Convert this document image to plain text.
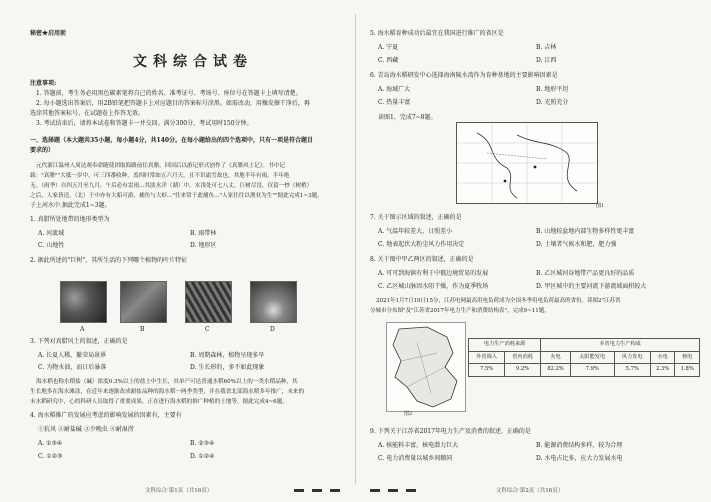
秘密★启用前
文科综合试卷
注意事项:
1. 答题前，考生务必用黑色碳素笔将自己的姓名、准考证号、考场号、座位号在答题卡上填写清楚。
2. 每小题选出答案后，用2B铅笔把答题卡上对应题目的答案标号涂黑。如需改动，用橡皮擦干净后，再
选涂其他答案标号。在试题卷上作答无效。
3. 考试结束后，请将本试卷和答题卡一并交回。满分300分，考试用时150分钟。
一、选择题（本大题共35小题，每小题4分，共140分。在每小题给出的四个选项中，只有一项是符合题目
要求的）
元代浙江温州人周达观奉命随使团取海路前往真腊，回国后以游记形式创作了《真腊风土记》。书中记
载："真腊""大抵一岁中，可三四番收种，盖四时常如五六月天，且不识霜雪故也。其地半年有雨，半年绝
无。（雨季）自四五月至九月，午后必有雷雨...其淡水洋（湖）中，水浅处可七八丈，巨树尽没，仅留一杪（树梢）
之后，人家皆送，（北）于中亦有大船可游，捕鱼与大虾..."往来常于此捕鱼..."人家往往以渔业为生""据此完成1~3题。
子上河水中.据此完成1~3题。
1. 真腊所处地带的地形类型为
A. 河流域	B. 雨带林
C. 山地性	D. 地形区
2. 据此所述的"巨树"，其所生活的下列哪个植物的叶片特征
A	B	C	D
3. 下列对真腊风土的叙述，正确的是
A. 长夏人稀，繁荣局景界	B. 周期森林，植物呈现多旱
C. 为物水油，而日后暴落	D. 生长形的，多不如此现象
海水稻也称水稻盐（碱）浓度0.3%以上的盐土中生长，其单产可达普通水稻60%以上的一类水稻品种，其
生长地多在海水滩涂，在近年来逐渐改成耐盐品种的海水稻一两季类型，并在我省北部海水稻多年推广，未来的
末水稻研究中，心的科研人员取得了重要成果，正在进行海水稻的推广种植的土地等。据此完成4~6题。
4. 海水稻推广的发展应考虑的影响发展的因素有，主要有
①抗风 ②耐盐碱 ③少晚虫 ④耐湿涝
A. ①③④	B. ②③④
C. ①②③	D. ①②④
文科综合·第1页（共16页）
5. 海水稻育种成功后最宜在我国进行推广的省区是
A. 宁夏	B. 吉林
C. 西藏	D. 江西
6. 青岛海水稻研发中心选择海南陵水湾作为育种基地的主要影响因素是
A. 海域广大	B. 地形平坦
C. 热量丰富	D. 光照充分
读图1，完成7~8题。
图1
7. 关于图示区域的叙述，正确的是
A. 气温年较差大，日照差小	B. 山地较盆地内部生物多样性更丰富
C. 地表起伏大粉尘风力作用决定	D. 土壤者气候水和肥，肥力强
8. 关于图中甲乙两区的叙述，正确的是
A. 可可到海镇有利于中俄边境贸易的发展	B. 乙区城河谷地带产品更良好的品质
C. 乙区城山脉因水阻干燥，作为夏季牧场	D. 甲区城中的主要河流下游流域面积较大
2021年1月7日19日15分，江苏电网最高用电负荷成为全国冬季用电负荷最高的省份。读图2"江苏省
分城市分布图"及"江苏省2017年电力生产和消费结构表"，完成9~11题。
图2
电力生产消耗来源		本省电力生产构成				
外省调入	省内消耗	火电	太阳能发电	风力发电	水电	核电
7.5%	9.2%	82.2%	7.9%	5.7%	2.3%	1.8%
9. 下列关于江苏省2017年电力生产及消费的叙述，正确的是
A. 核能料丰富，核电潜力巨大	B. 能源消费结构多样，较为合理
C. 电力消费量以城乡间顺同	D. 水电占比多，应大力发展水电
文科综合·第2页（共16页）
